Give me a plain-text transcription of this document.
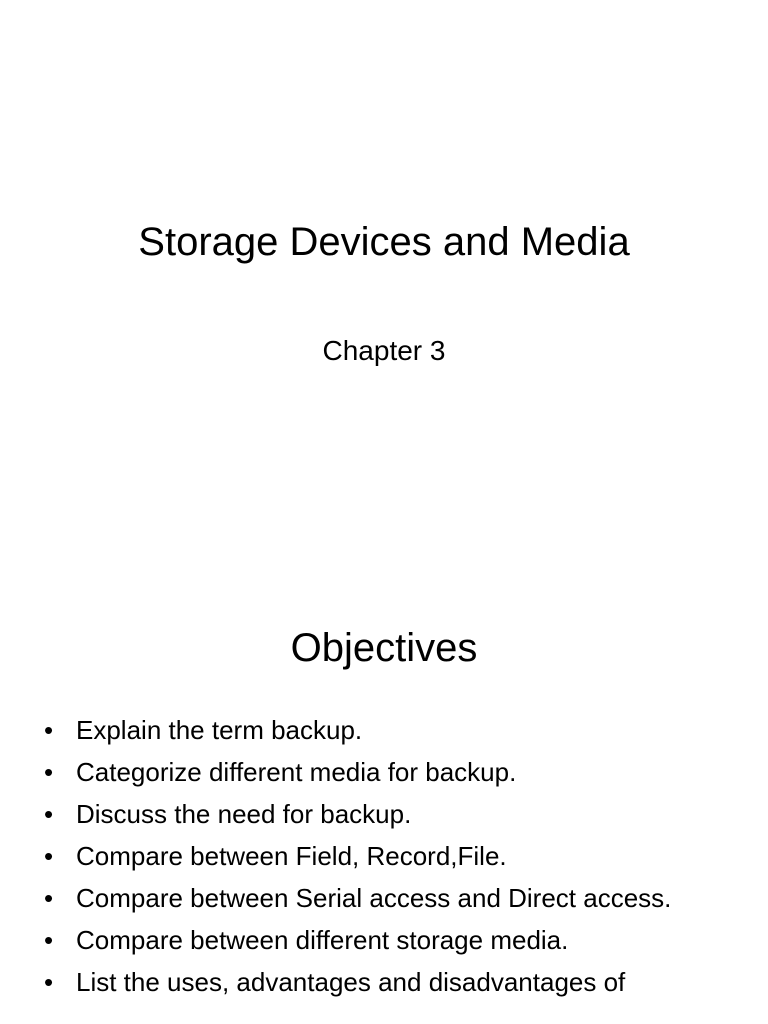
Storage Devices and Media
Chapter 3
Objectives
• Explain the term backup.
• Categorize different media for backup.
• Discuss the need for backup.
• Compare between Field, Record,File.
• Compare between Serial access and Direct access.
• Compare between different storage media.
• List the uses, advantages and disadvantages of
